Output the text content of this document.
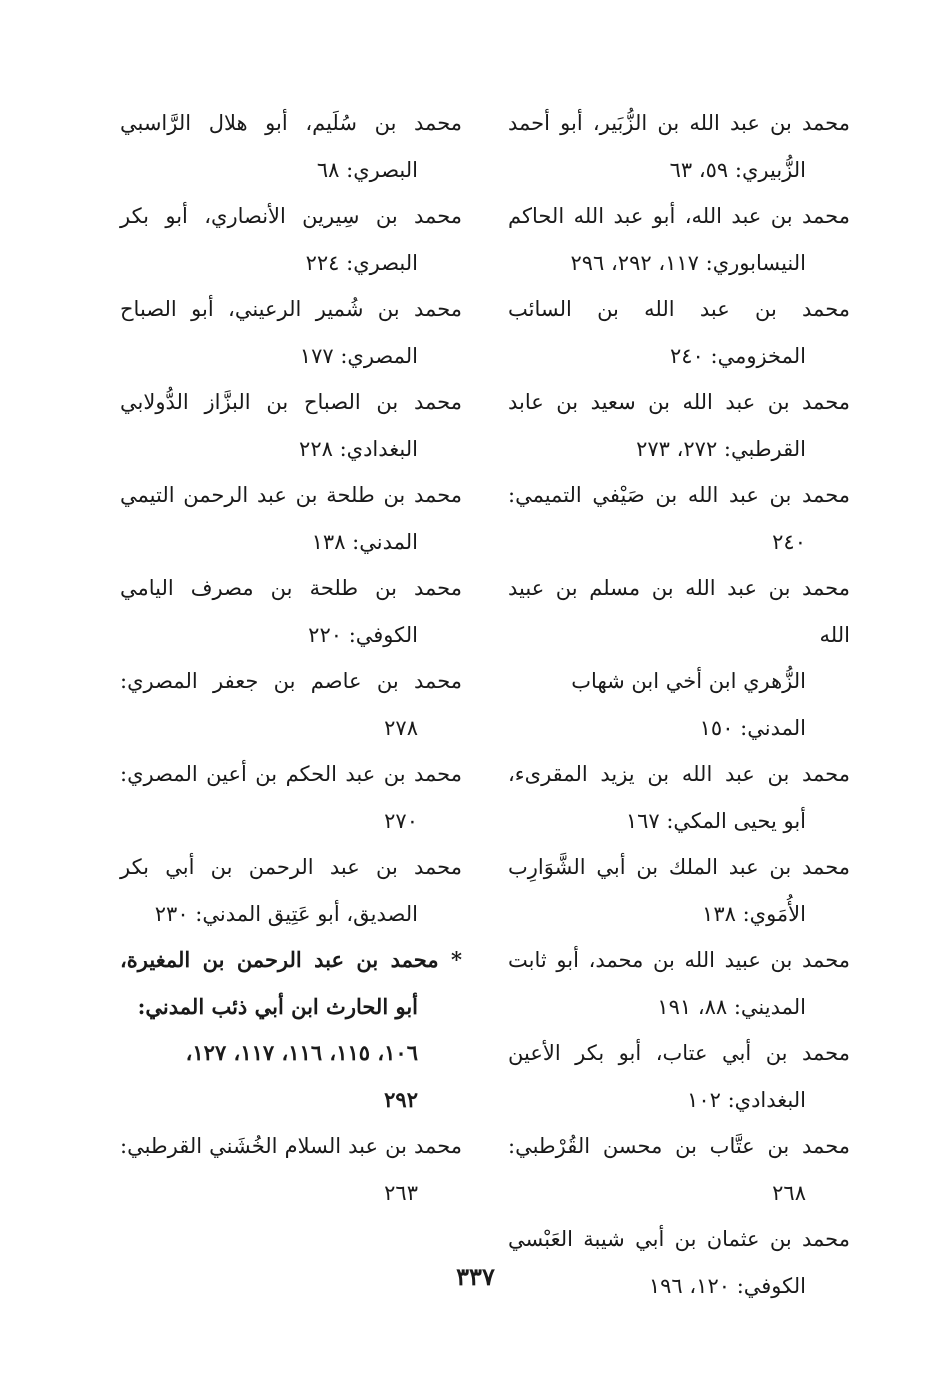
محمد بن سُلَيم، أبو هلال الرَّاسبي
البصري: ٦٨
محمد بن سِيرين الأنصاري، أبو بكر
البصري: ٢٢٤
محمد بن شُمير الرعيني، أبو الصباح
المصري: ١٧٧
محمد بن الصباح بن البزَّاز الدُّولابي
البغدادي: ٢٢٨
محمد بن طلحة بن عبد الرحمن التيمي
المدني: ١٣٨
محمد بن طلحة بن مصرف اليامي
الكوفي: ٢٢٠
محمد بن عاصم بن جعفر المصري:
٢٧٨
محمد بن عبد الحكم بن أعين المصري:
٢٧٠
محمد بن عبد الرحمن بن أبي بكر
الصديق، أبو عَتِيق المدني: ٢٣٠
* محمد بن عبد الرحمن بن المغيرة،
أبو الحارث ابن أبي ذئب المدني:
١٠٦، ١١٥، ١١٦، ١١٧، ١٢٧،
٢٩٢
محمد بن عبد السلام الخُشَني القرطبي:
٢٦٣
محمد بن عبد الله بن الزُّبَير، أبو أحمد
الزُّبيري: ٥٩، ٦٣
محمد بن عبد الله، أبو عبد الله الحاكم
النيسابوري: ١١٧، ٢٩٢، ٢٩٦
محمد بن عبد الله بن السائب
المخزومي: ٢٤٠
محمد بن عبد الله بن سعيد بن عابد
القرطبي: ٢٧٢، ٢٧٣
محمد بن عبد الله بن صَيْفي التميمي:
٢٤٠
محمد بن عبد الله بن مسلم بن عبيد الله
الزُّهري ابن أخي ابن شهاب
المدني: ١٥٠
محمد بن عبد الله بن يزيد المقرىء،
أبو يحيى المكي: ١٦٧
محمد بن عبد الملك بن أبي الشَّوَارِب
الأُمَوي: ١٣٨
محمد بن عبيد الله بن محمد، أبو ثابت
المديني: ٨٨، ١٩١
محمد بن أبي عتاب، أبو بكر الأعين
البغدادي: ١٠٢
محمد بن عتَّاب بن محسن القُرْطبي:
٢٦٨
محمد بن عثمان بن أبي شيبة العَبْسي
الكوفي: ١٢٠، ١٩٦
٣٣٧
